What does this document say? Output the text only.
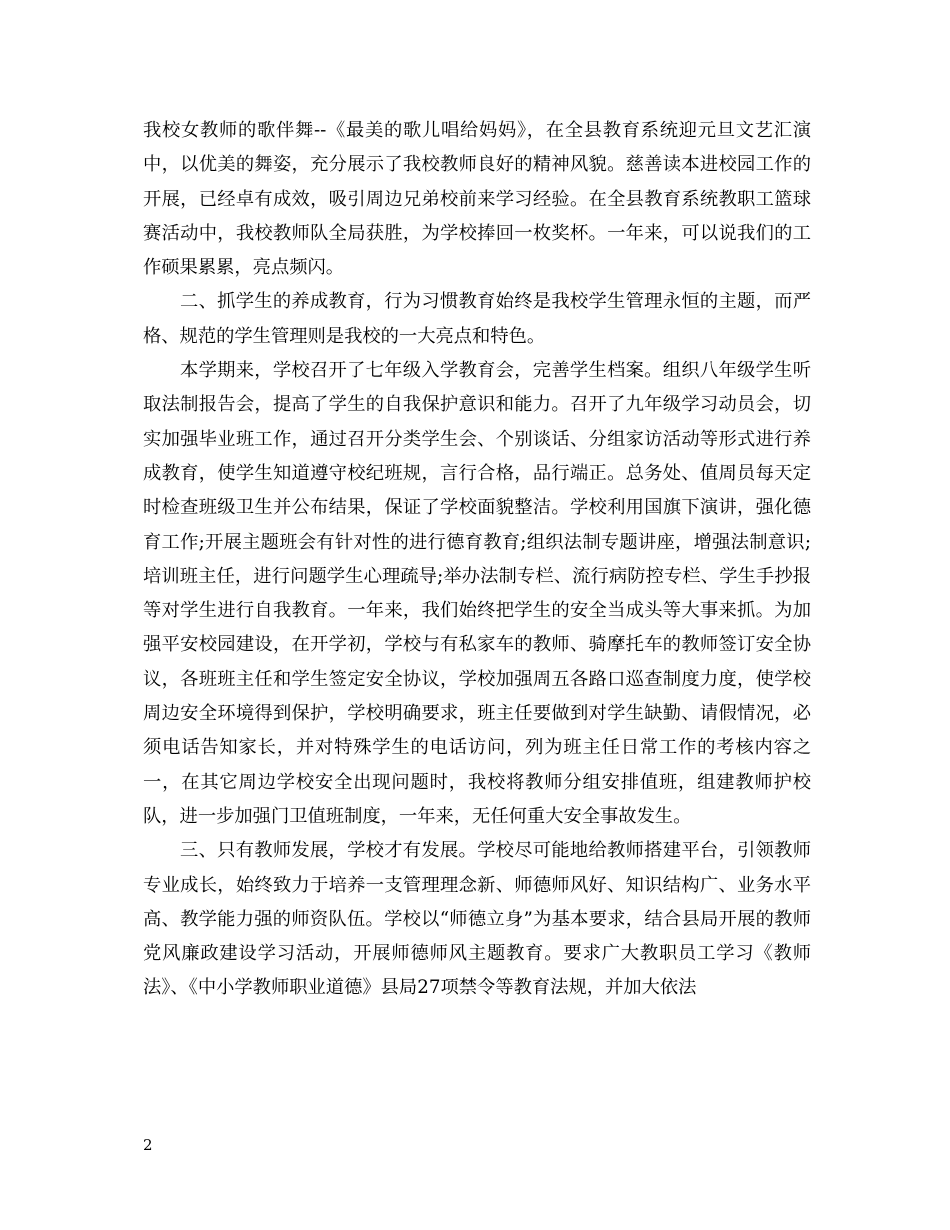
我校女教师的歌伴舞--《最美的歌儿唱给妈妈》，在全县教育系统迎元旦文艺汇演中，以优美的舞姿，充分展示了我校教师良好的精神风貌。慈善读本进校园工作的开展，已经卓有成效，吸引周边兄弟校前来学习经验。在全县教育系统教职工篮球赛活动中，我校教师队全局获胜，为学校捧回一枚奖杯。一年来，可以说我们的工作硕果累累，亮点频闪。

二、抓学生的养成教育，行为习惯教育始终是我校学生管理永恒的主题，而严格、规范的学生管理则是我校的一大亮点和特色。

本学期来，学校召开了七年级入学教育会，完善学生档案。组织八年级学生听取法制报告会，提高了学生的自我保护意识和能力。召开了九年级学习动员会，切实加强毕业班工作，通过召开分类学生会、个别谈话、分组家访活动等形式进行养成教育，使学生知道遵守校纪班规，言行合格，品行端正。总务处、值周员每天定时检查班级卫生并公布结果，保证了学校面貌整洁。学校利用国旗下演讲，强化德育工作;开展主题班会有针对性的进行德育教育;组织法制专题讲座，增强法制意识;培训班主任，进行问题学生心理疏导;举办法制专栏、流行病防控专栏、学生手抄报等对学生进行自我教育。一年来，我们始终把学生的安全当成头等大事来抓。为加强平安校园建设，在开学初，学校与有私家车的教师、骑摩托车的教师签订安全协议，各班班主任和学生签定安全协议，学校加强周五各路口巡查制度力度，使学校周边安全环境得到保护，学校明确要求，班主任要做到对学生缺勤、请假情况，必须电话告知家长，并对特殊学生的电话访问，列为班主任日常工作的考核内容之一，在其它周边学校安全出现问题时，我校将教师分组安排值班，组建教师护校队，进一步加强门卫值班制度，一年来，无任何重大安全事故发生。

三、只有教师发展，学校才有发展。学校尽可能地给教师搭建平台，引领教师专业成长，始终致力于培养一支管理理念新、师德师风好、知识结构广、业务水平高、教学能力强的师资队伍。学校以“师德立身”为基本要求，结合县局开展的教师党风廉政建设学习活动，开展师德师风主题教育。要求广大教职员工学习《教师法》、《中小学教师职业道德》县局27项禁令等教育法规，并加大依法

2
